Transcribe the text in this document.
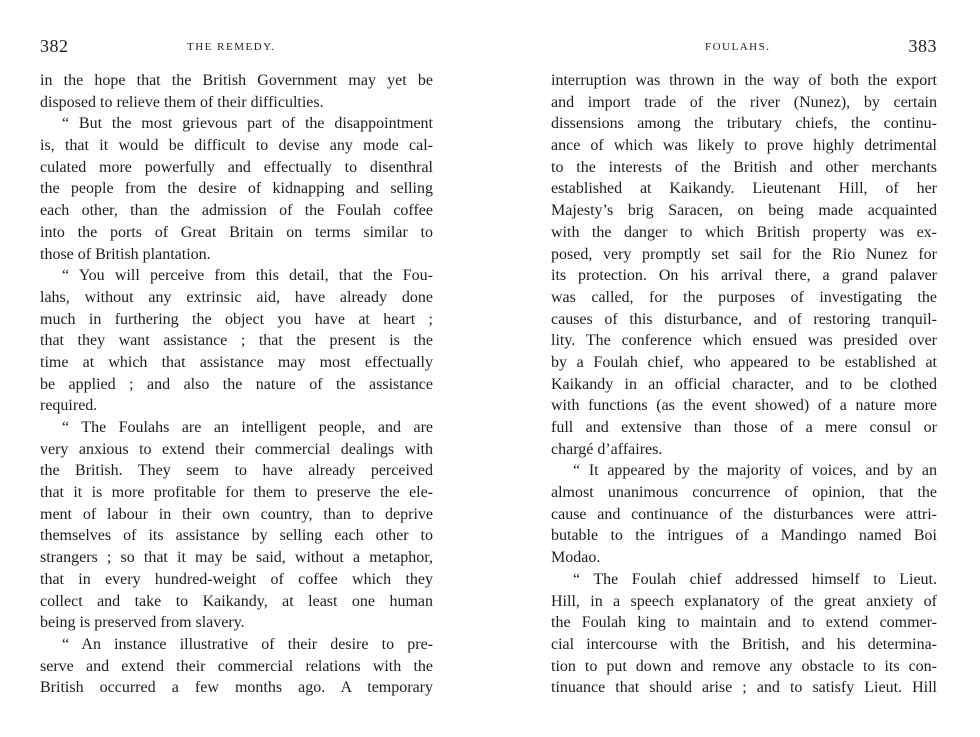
382	THE REMEDY.
in the hope that the British Government may yet be
disposed to relieve them of their difficulties.
“ But the most grievous part of the disappointment
is, that it would be difficult to devise any mode cal-
culated more powerfully and effectually to disenthral
the people from the desire of kidnapping and selling
each other, than the admission of the Foulah coffee
into the ports of Great Britain on terms similar to
those of British plantation.
“ You will perceive from this detail, that the Fou-
lahs, without any extrinsic aid, have already done
much in furthering the object you have at heart ;
that they want assistance ; that the present is the
time at which that assistance may most effectually
be applied ; and also the nature of the assistance
required.
“ The Foulahs are an intelligent people, and are
very anxious to extend their commercial dealings with
the British. They seem to have already perceived
that it is more profitable for them to preserve the ele-
ment of labour in their own country, than to deprive
themselves of its assistance by selling each other to
strangers ; so that it may be said, without a metaphor,
that in every hundred-weight of coffee which they
collect and take to Kaikandy, at least one human
being is preserved from slavery.
“ An instance illustrative of their desire to pre-
serve and extend their commercial relations with the
British occurred a few months ago. A temporary
FOULAHS.	383
interruption was thrown in the way of both the export
and import trade of the river (Nunez), by certain
dissensions among the tributary chiefs, the continu-
ance of which was likely to prove highly detrimental
to the interests of the British and other merchants
established at Kaikandy. Lieutenant Hill, of her
Majesty’s brig Saracen, on being made acquainted
with the danger to which British property was ex-
posed, very promptly set sail for the Rio Nunez for
its protection. On his arrival there, a grand palaver
was called, for the purposes of investigating the
causes of this disturbance, and of restoring tranquil-
lity. The conference which ensued was presided over
by a Foulah chief, who appeared to be established at
Kaikandy in an official character, and to be clothed
with functions (as the event showed) of a nature more
full and extensive than those of a mere consul or
chargé d’affaires.
“ It appeared by the majority of voices, and by an
almost unanimous concurrence of opinion, that the
cause and continuance of the disturbances were attri-
butable to the intrigues of a Mandingo named Boi
Modao.
“ The Foulah chief addressed himself to Lieut.
Hill, in a speech explanatory of the great anxiety of
the Foulah king to maintain and to extend commer-
cial intercourse with the British, and his determina-
tion to put down and remove any obstacle to its con-
tinuance that should arise ; and to satisfy Lieut. Hill
